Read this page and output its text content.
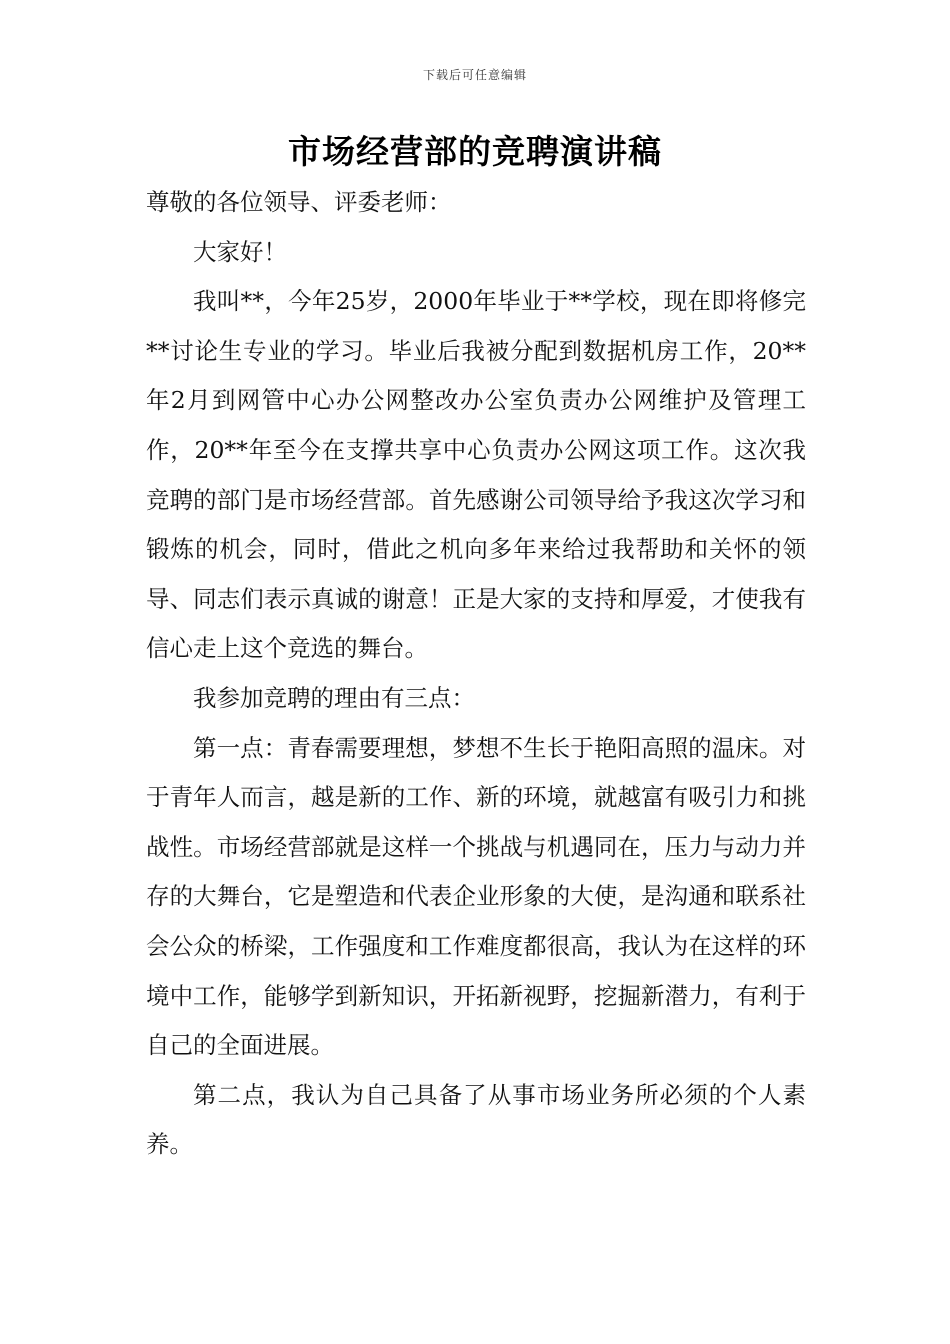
下载后可任意编辑
市场经营部的竞聘演讲稿

尊敬的各位领导、评委老师：

大家好！

我叫**，今年25岁，2000年毕业于**学校，现在即将修完**讨论生专业的学习。毕业后我被分配到数据机房工作，20**年2月到网管中心办公网整改办公室负责办公网维护及管理工作，20**年至今在支撑共享中心负责办公网这项工作。这次我竞聘的部门是市场经营部。首先感谢公司领导给予我这次学习和锻炼的机会，同时，借此之机向多年来给过我帮助和关怀的领导、同志们表示真诚的谢意！正是大家的支持和厚爱，才使我有信心走上这个竞选的舞台。

我参加竞聘的理由有三点：

第一点：青春需要理想，梦想不生长于艳阳高照的温床。对于青年人而言，越是新的工作、新的环境，就越富有吸引力和挑战性。市场经营部就是这样一个挑战与机遇同在，压力与动力并存的大舞台，它是塑造和代表企业形象的大使，是沟通和联系社会公众的桥梁，工作强度和工作难度都很高，我认为在这样的环境中工作，能够学到新知识，开拓新视野，挖掘新潜力，有利于自己的全面进展。

第二点，我认为自己具备了从事市场业务所必须的个人素养。
